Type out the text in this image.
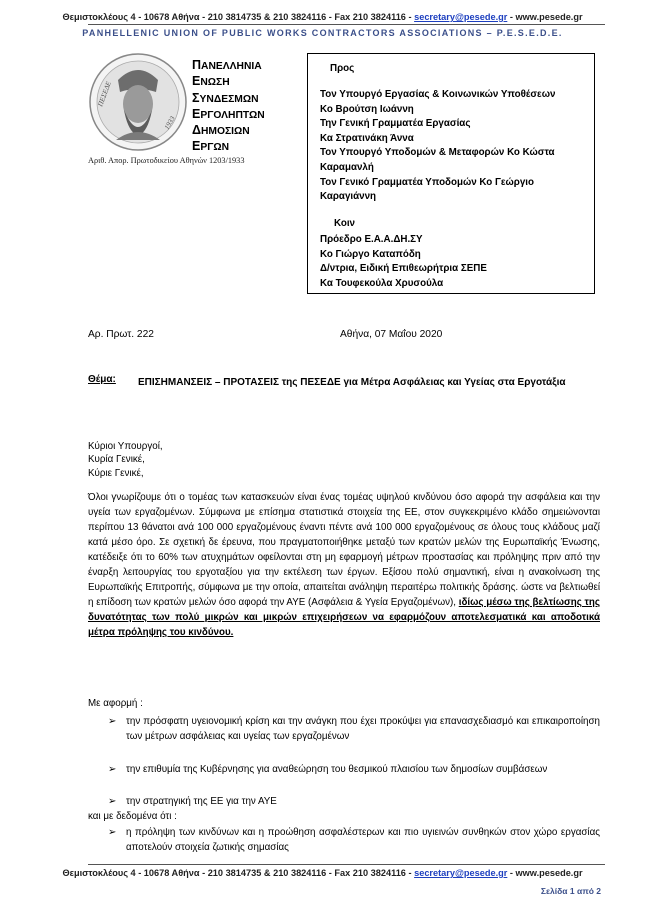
Θεμιστοκλέους 4 - 10678 Αθήνα - 210 3814735 & 210 3824116 - Fax 210 3824116 - secretary@pesede.gr - www.pesede.gr
PANHELLENIC UNION OF PUBLIC WORKS CONTRACTORS ASSOCIATIONS – P.E.S.E.D.E.
ΠΕΣΕΔΕ
1933
ΠΑΝΕΛΛΗΝΙΑ
ΕΝΩΣΗ
ΣΥΝΔΕΣΜΩΝ
ΕΡΓΟΛΗΠΤΩΝ
ΔΗΜΟΣΙΩΝ
ΕΡΓΩΝ
Αριθ. Απορ. Πρωτοδικείου Αθηνών 1203/1933
Προς
Τον Υπουργό Εργασίας & Κοινωνικών Υποθέσεων
Κο Βρούτση Ιωάννη
Την Γενική Γραμματέα Εργασίας
Κα Στρατινάκη Άννα
Τον Υπουργό Υποδομών & Μεταφορών Κο Κώστα
Καραμανλή
Τον Γενικό Γραμματέα Υποδομών Κο Γεώργιο
Καραγιάννη
Κοιν
Πρόεδρο Ε.Α.Α.ΔΗ.ΣΥ
Κο Γιώργο Καταπόδη
Δ/ντρια, Ειδική Επιθεωρήτρια ΣΕΠΕ
Κα Τουφεκούλα Χρυσούλα
Αρ. Πρωτ. 222	Αθήνα, 07 Μαΐου 2020
Θέμα: ΕΠΙΣΗΜΑΝΣΕΙΣ – ΠΡΟΤΑΣΕΙΣ της ΠΕΣΕΔΕ για Μέτρα Ασφάλειας και Υγείας στα Εργοτάξια
Κύριοι Υπουργοί,
Κυρία Γενικέ,
Κύριε Γενικέ,
Όλοι γνωρίζουμε ότι ο τομέας των κατασκευών είναι ένας τομέας υψηλού κινδύνου όσο αφορά την ασφάλεια και την υγεία των εργαζομένων. Σύμφωνα με επίσημα στατιστικά στοιχεία της ΕΕ, στον συγκεκριμένο κλάδο σημειώνονται περίπου 13 θάνατοι ανά 100 000 εργαζομένους έναντι πέντε ανά 100 000 εργαζομένους σε όλους τους κλάδους μαζί κατά μέσο όρο. Σε σχετική δε έρευνα, που πραγματοποιήθηκε μεταξύ των κρατών μελών της Ευρωπαϊκής Ένωσης, κατέδειξε ότι το 60% των ατυχημάτων οφείλονται στη μη εφαρμογή μέτρων προστασίας και πρόληψης πριν από την έναρξη λειτουργίας του εργοταξίου για την εκτέλεση των έργων. Εξίσου πολύ σημαντική, είναι η ανακοίνωση της Ευρωπαϊκής Επιτροπής, σύμφωνα με την οποία, απαιτείται ανάληψη περαιτέρω πολιτικής δράσης. ώστε να βελτιωθεί η επίδοση των κρατών μελών όσο αφορά την ΑΥΕ (Ασφάλεια & Υγεία Εργαζομένων), ιδίως μέσω της βελτίωσης της δυνατότητας των πολύ μικρών και μικρών επιχειρήσεων να εφαρμόζουν αποτελεσματικά και αποδοτικά μέτρα πρόληψης του κινδύνου.
Με αφορμή :
➢ την πρόσφατη υγειονομική κρίση και την ανάγκη που έχει προκύψει για επανασχεδιασμό και επικαιροποίηση των μέτρων ασφάλειας και υγείας των εργαζομένων
➢ την επιθυμία της Κυβέρνησης για αναθεώρηση του θεσμικού πλαισίου των δημοσίων συμβάσεων
➢ την στρατηγική της ΕΕ για την ΑΥΕ
και με δεδομένα ότι :
➢ η πρόληψη των κινδύνων και η προώθηση ασφαλέστερων και πιο υγιεινών συνθηκών στον χώρο εργασίας αποτελούν στοιχεία ζωτικής σημασίας
Θεμιστοκλέους 4 - 10678 Αθήνα - 210 3814735 & 210 3824116 - Fax 210 3824116 - secretary@pesede.gr - www.pesede.gr
Σελίδα 1 από 2
